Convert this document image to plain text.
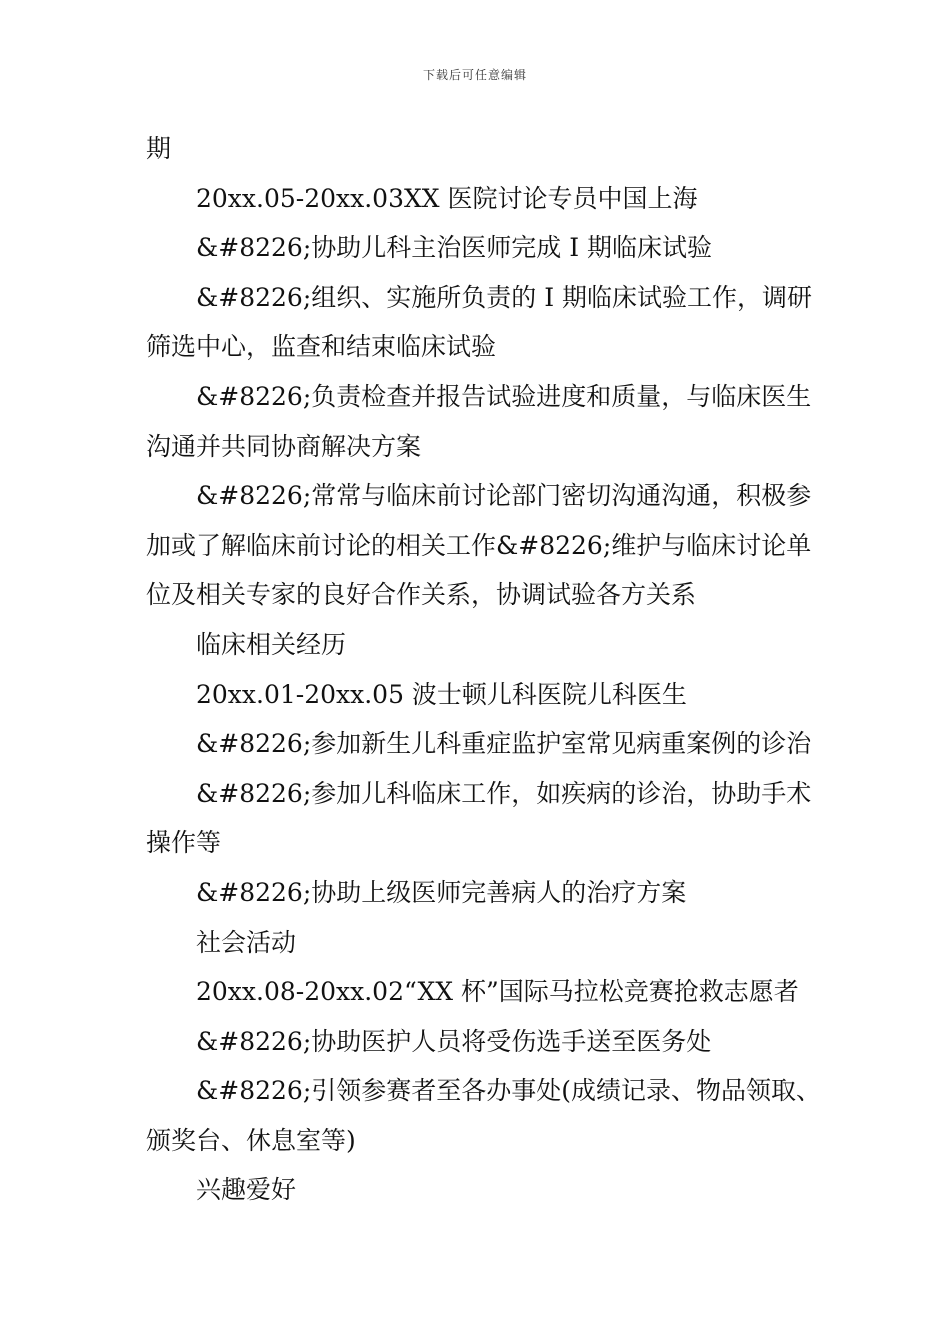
下载后可任意编辑
期
20xx.05-20xx.03XX 医院讨论专员中国上海
&#8226;协助儿科主治医师完成 I 期临床试验
&#8226;组织、实施所负责的 I 期临床试验工作，调研
筛选中心，监查和结束临床试验
&#8226;负责检查并报告试验进度和质量，与临床医生
沟通并共同协商解决方案
&#8226;常常与临床前讨论部门密切沟通沟通，积极参
加或了解临床前讨论的相关工作&#8226;维护与临床讨论单
位及相关专家的良好合作关系，协调试验各方关系
临床相关经历
20xx.01-20xx.05 波士顿儿科医院儿科医生
&#8226;参加新生儿科重症监护室常见病重案例的诊治
&#8226;参加儿科临床工作，如疾病的诊治，协助手术
操作等
&#8226;协助上级医师完善病人的治疗方案
社会活动
20xx.08-20xx.02“XX 杯”国际马拉松竞赛抢救志愿者
&#8226;协助医护人员将受伤选手送至医务处
&#8226;引领参赛者至各办事处(成绩记录、物品领取、
颁奖台、休息室等)
兴趣爱好
